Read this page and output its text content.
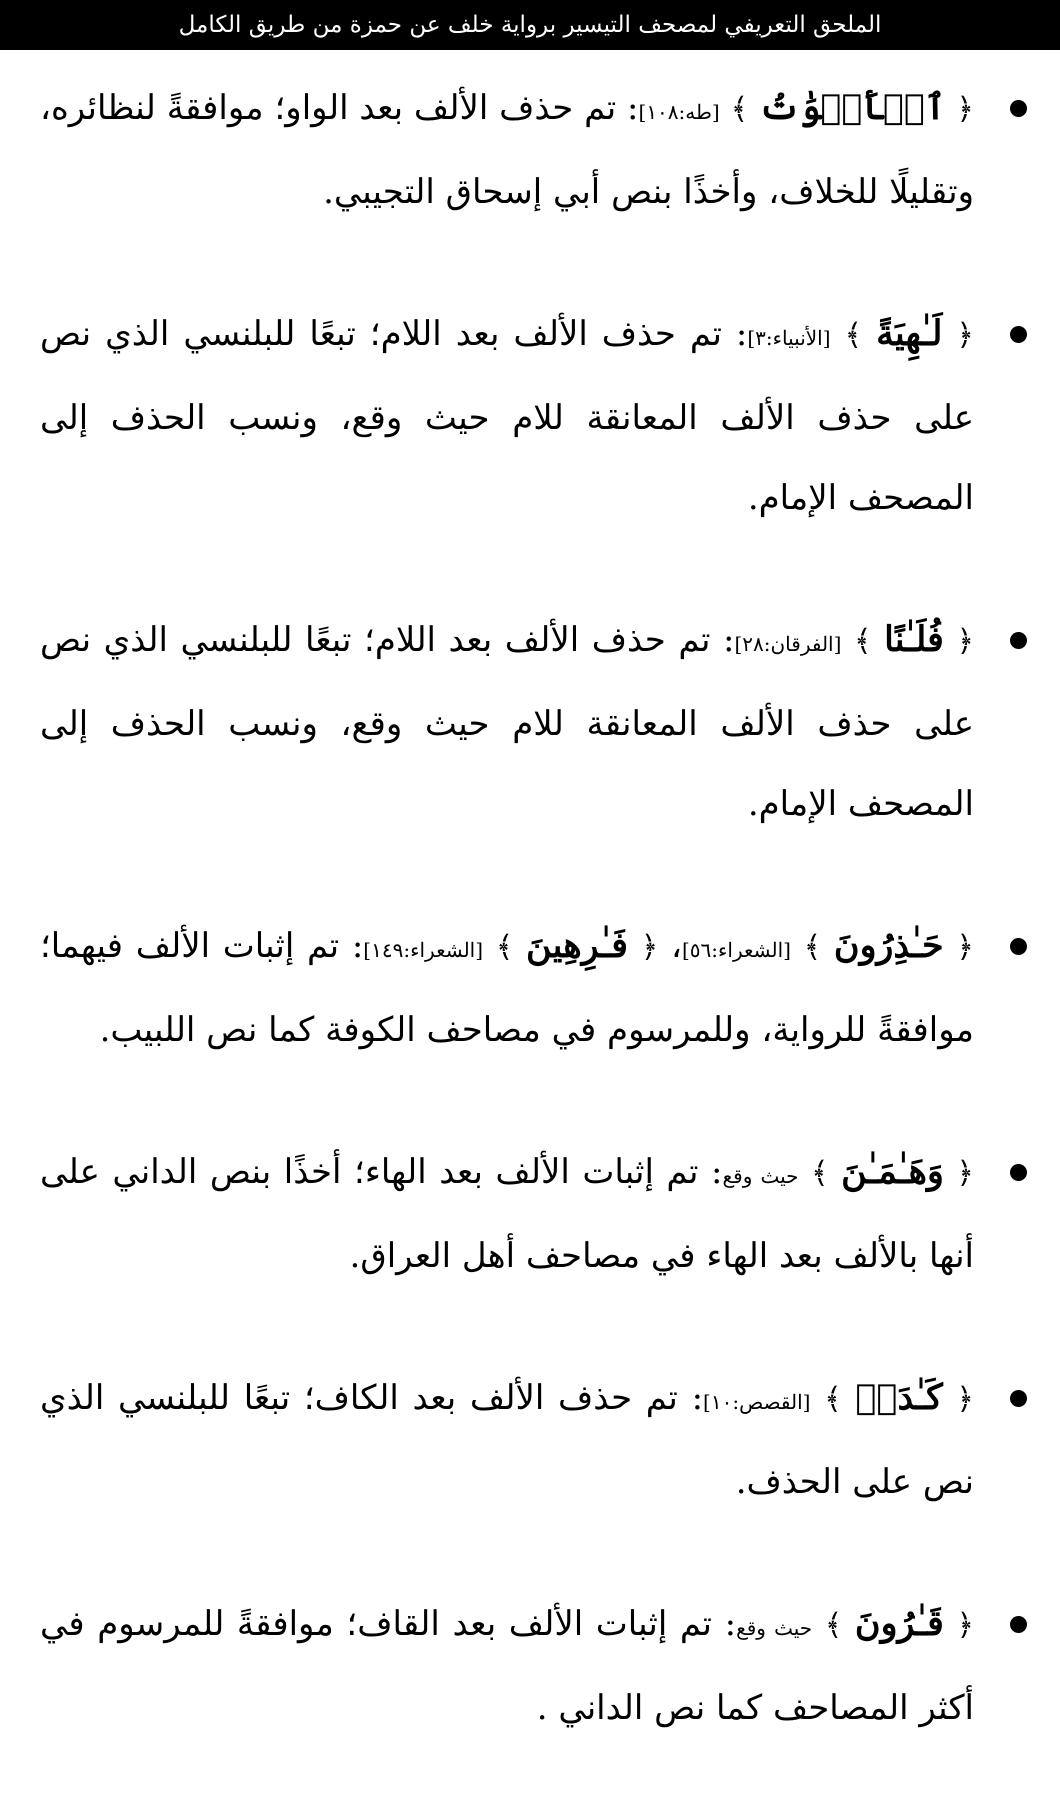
الملحق التعريفي لمصحف التيسير برواية خلف عن حمزة من طريق الكامل
﴿ ٱلۡأَصۡوَٰتُ ﴾ [طه:١٠٨]: تم حذف الألف بعد الواو؛ موافقةً لنظائره، وتقليلًا للخلاف، وأخذًا بنص أبي إسحاق التجيبي.
﴿ لَـٰهِيَةً ﴾ [الأنبياء:٣]: تم حذف الألف بعد اللام؛ تبعًا للبلنسي الذي نص على حذف الألف المعانقة للام حيث وقع، ونسب الحذف إلى المصحف الإمام.
﴿ فُلَـٰنًا ﴾ [الفرقان:٢٨]: تم حذف الألف بعد اللام؛ تبعًا للبلنسي الذي نص على حذف الألف المعانقة للام حيث وقع، ونسب الحذف إلى المصحف الإمام.
﴿ حَـٰذِرُونَ ﴾ [الشعراء:٥٦]، ﴿ فَـٰرِهِينَ ﴾ [الشعراء:١٤٩]: تم إثبات الألف فيهما؛ موافقةً للرواية، وللمرسوم في مصاحف الكوفة كما نص اللبيب.
﴿ وَهَـٰمَـٰنَ ﴾ حيث وقع: تم إثبات الألف بعد الهاء؛ أخذًا بنص الداني على أنها بالألف بعد الهاء في مصاحف أهل العراق.
﴿ كَـٰدَتۡ ﴾ [القصص:١٠]: تم حذف الألف بعد الكاف؛ تبعًا للبلنسي الذي نص على الحذف.
﴿ قَـٰرُونَ ﴾ حيث وقع: تم إثبات الألف بعد القاف؛ موافقةً للمرسوم في أكثر المصاحف كما نص الداني .
